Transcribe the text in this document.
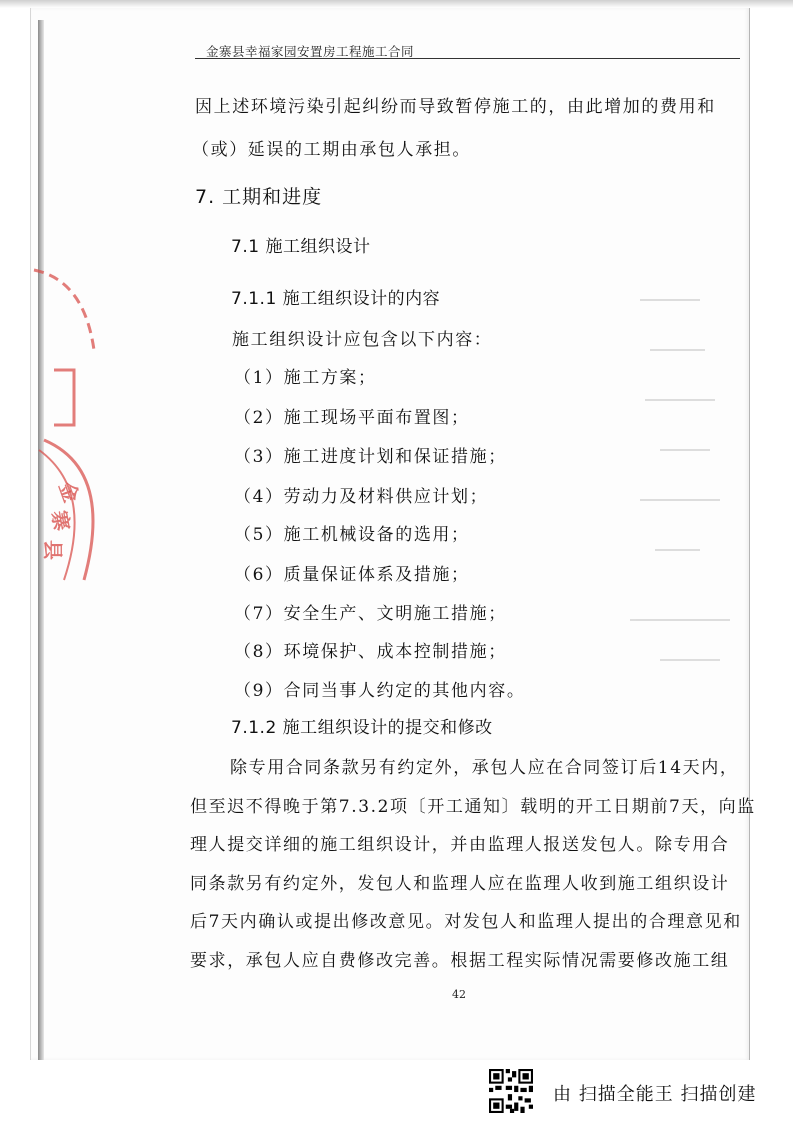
金
寨
县
金寨县幸福家园安置房工程施工合同
因上述环境污染引起纠纷而导致暂停施工的，由此增加的费用和
（或）延误的工期由承包人承担。
7. 工期和进度
7.1 施工组织设计
7.1.1 施工组织设计的内容
施工组织设计应包含以下内容：
（1）施工方案；
（2）施工现场平面布置图；
（3）施工进度计划和保证措施；
（4）劳动力及材料供应计划；
（5）施工机械设备的选用；
（6）质量保证体系及措施；
（7）安全生产、文明施工措施；
（8）环境保护、成本控制措施；
（9）合同当事人约定的其他内容。
7.1.2 施工组织设计的提交和修改
除专用合同条款另有约定外，承包人应在合同签订后14天内，
但至迟不得晚于第7.3.2项〔开工通知〕载明的开工日期前7天，向监
理人提交详细的施工组织设计，并由监理人报送发包人。除专用合
同条款另有约定外，发包人和监理人应在监理人收到施工组织设计
后7天内确认或提出修改意见。对发包人和监理人提出的合理意见和
要求，承包人应自费修改完善。根据工程实际情况需要修改施工组
42
由 扫描全能王 扫描创建
